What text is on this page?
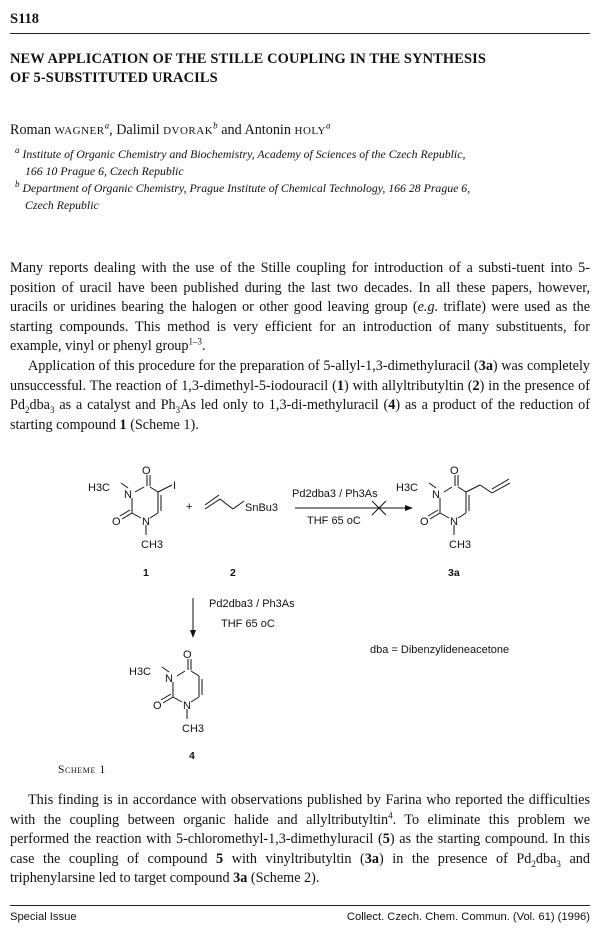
S118
NEW APPLICATION OF THE STILLE COUPLING IN THE SYNTHESIS
OF 5-SUBSTITUTED URACILS
Roman WAGNER$^a$, Dalimil DVORAK$^b$ and Antonin HOLY$^a$
$^a$ Institute of Organic Chemistry and Biochemistry, Academy of Sciences of the Czech Republic,
166 10 Prague 6, Czech Republic
$^b$ Department of Organic Chemistry, Prague Institute of Chemical Technology, 166 28 Prague 6,
Czech Republic

Many reports dealing with the use of the Stille coupling for introduction of a substi-tuent into 5-position of uracil have been published during the last two decades. In all these papers, however, uracils or uridines bearing the halogen or other good leaving group (e.g. triflate) were used as the starting compounds. This method is very efficient for an introduction of many substituents, for example, vinyl or phenyl group$^{1-3}$.

Application of this procedure for the preparation of 5-allyl-1,3-dimethyluracil (3a) was completely unsuccessful. The reaction of 1,3-dimethyl-5-iodouracil (1) with allyltributyltin (2) in the presence of $Pd_2dba_3$ as a catalyst and $Ph_3As$ led only to 1,3-di-methyluracil (4) as a product of the reduction of starting compound 1 (Scheme 1).

H3C
N
O
I
O N
CH3
1
+	SnBu3
2
Pd2dba3 / Ph3As
THF 65 oC
H3C
N
O
O N
CH3
3a
Pd2dba3 / Ph3As
THF 65 oC
dba = Dibenzylideneacetone
H3C
N
O
O N
CH3
4
Scheme 1

This finding is in accordance with observations published by Farina who reported the difficulties with the coupling between organic halide and allyltributyltin$^4$. To eliminate this problem we performed the reaction with 5-chloromethyl-1,3-dimethyluracil (5) as the starting compound. In this case the coupling of compound 5 with vinyltributyltin (3a) in the presence of $Pd_2dba_3$ and triphenylarsine led to target compound 3a (Scheme 2).

Special Issue	Collect. Czech. Chem. Commun. (Vol. 61) (1996)
